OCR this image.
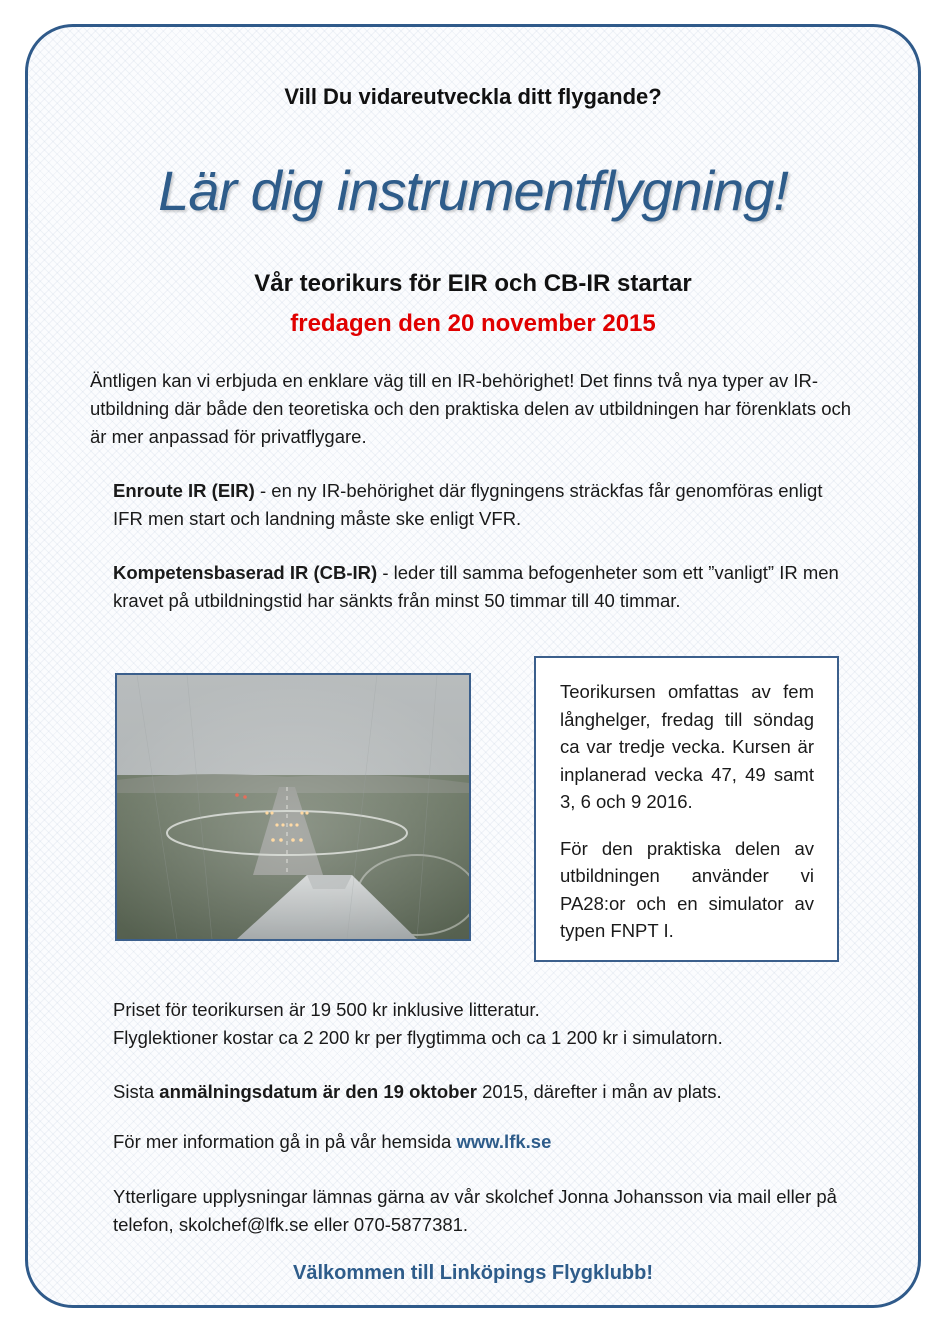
Vill Du vidareutveckla ditt flygande?
Lär dig instrumentflygning!
Vår teorikurs för EIR och CB-IR startar
fredagen den 20 november 2015
Äntligen kan vi erbjuda en enklare väg till en IR-behörighet! Det finns två nya typer av IR-utbildning där både den teoretiska och den praktiska delen av utbildningen har förenklats och är mer anpassad för privatflygare.
Enroute IR (EIR) - en ny IR-behörighet där flygningens sträckfas får genomföras enligt IFR men start och landning måste ske enligt VFR.
Kompetensbaserad IR (CB-IR) - leder till samma befogenheter som ett ”vanligt” IR men kravet på utbildningstid har sänkts från minst 50 timmar till 40 timmar.

Teorikursen omfattas av fem långhelger, fredag till söndag ca var tredje vecka. Kursen är inplanerad vecka 47, 49 samt 3, 6 och 9 2016.

För den praktiska delen av utbildningen använder vi PA28:or och en simulator av typen FNPT I.

Priset för teorikursen är 19 500 kr inklusive litteratur.
Flyglektioner kostar ca 2 200 kr per flygtimma och ca 1 200 kr i simulatorn.
Sista anmälningsdatum är den 19 oktober 2015, därefter i mån av plats.
För mer information gå in på vår hemsida www.lfk.se
Ytterligare upplysningar lämnas gärna av vår skolchef Jonna Johansson via mail eller på telefon, skolchef@lfk.se eller 070-5877381.
Välkommen till Linköpings Flygklubb!
